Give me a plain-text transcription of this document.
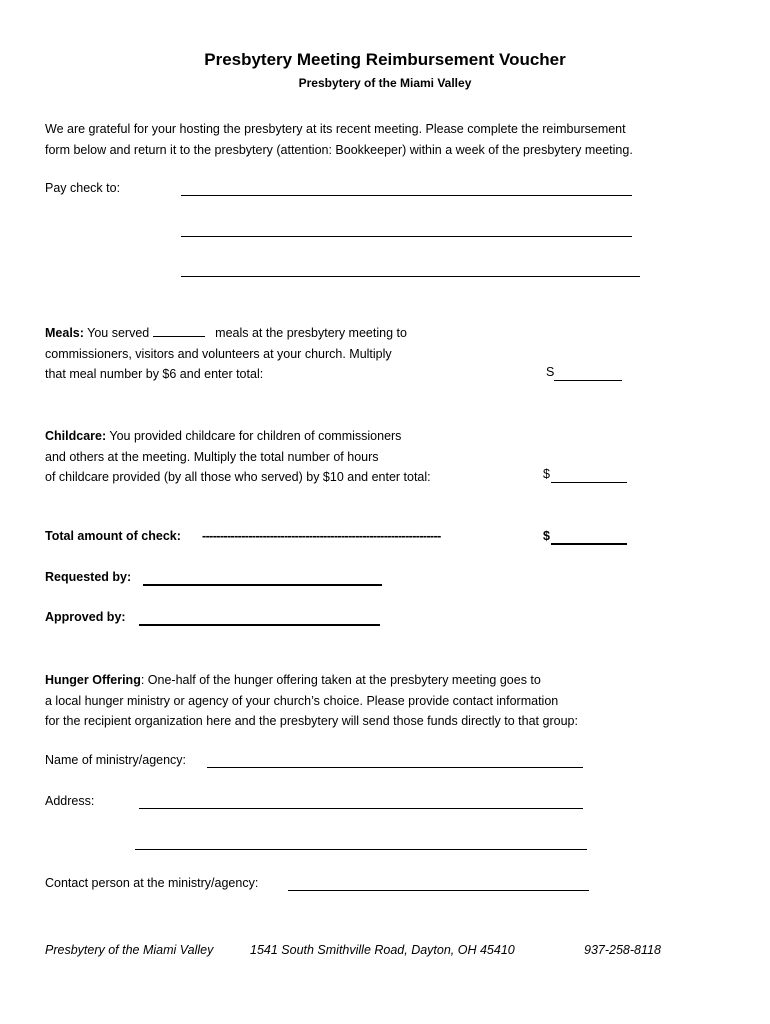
Presbytery Meeting Reimbursement Voucher
Presbytery of the Miami Valley
We are grateful for your hosting the presbytery at its recent meeting. Please complete the reimbursement
form below and return it to the presbytery (attention: Bookkeeper) within a week of the presbytery meeting.
Pay check to:
Meals: You served	meals at the presbytery meeting to
commissioners, visitors and volunteers at your church. Multiply
that meal number by $6 and enter total:	S
Childcare: You provided childcare for children of commissioners
and others at the meeting. Multiply the total number of hours
of childcare provided (by all those who served) by $10 and enter total:	$
Total amount of check: -------------------------------------------------------------------	$
Requested by:
Approved by:
Hunger Offering: One-half of the hunger offering taken at the presbytery meeting goes to
a local hunger ministry or agency of your church’s choice. Please provide contact information
for the recipient organization here and the presbytery will send those funds directly to that group:
Name of ministry/agency:
Address:
Contact person at the ministry/agency:
Presbytery of the Miami Valley	1541 South Smithville Road, Dayton, OH 45410	937-258-8118
